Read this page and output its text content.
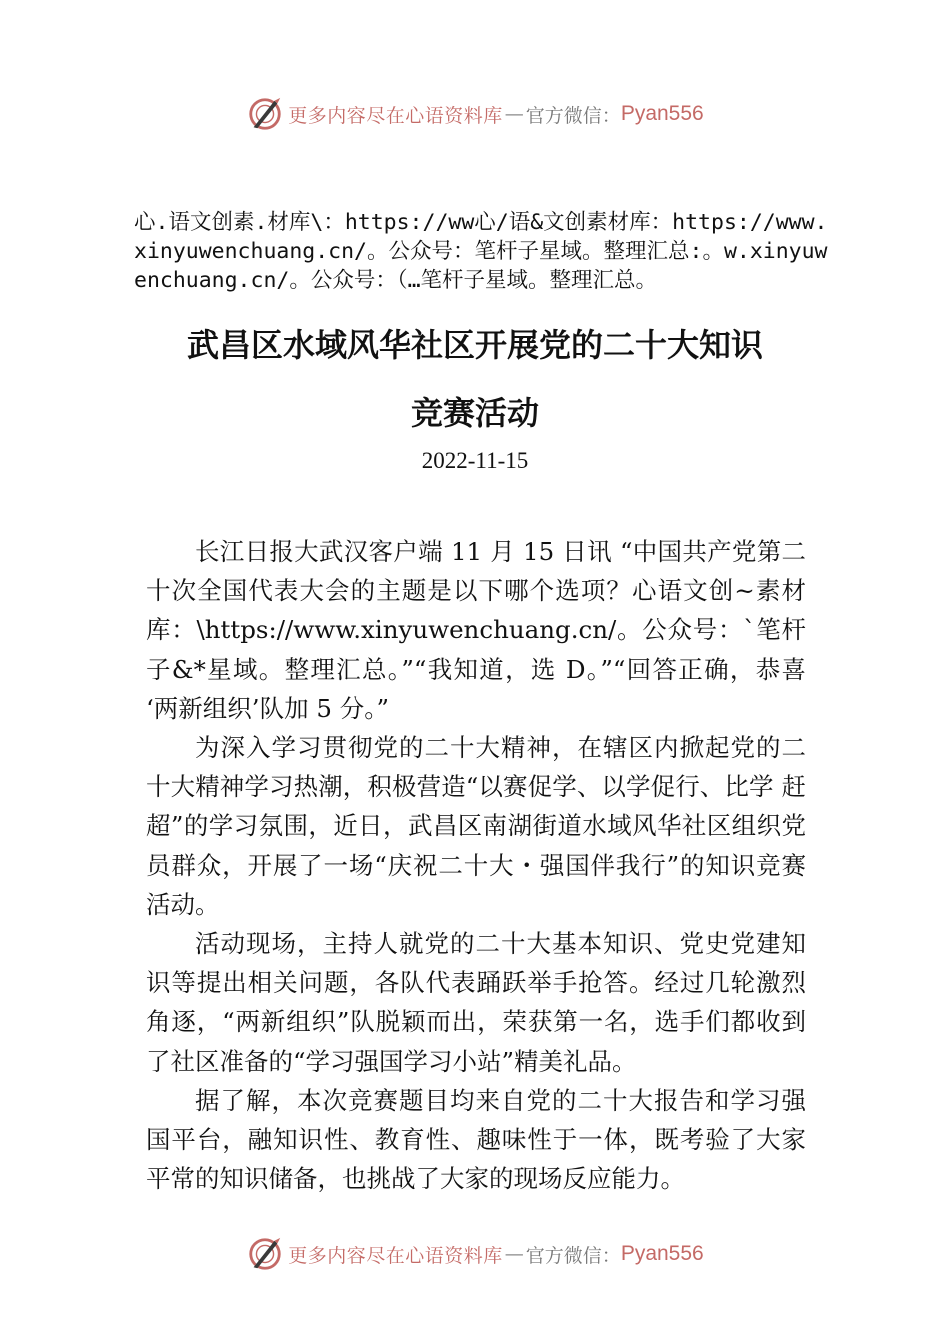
更多内容尽在心语资料库 — 官方微信： Pyan556

心.语文创素.材库\：https://ww心/语&文创素材库：https://www.xinyuwenchuang.cn/。公众号：笔杆子星域。整理汇总:。w.xinyuwenchuang.cn/。公众号：（…笔杆子星域。整理汇总。

武昌区水域风华社区开展党的二十大知识
竞赛活动
2022-11-15

长江日报大武汉客户端 11 月 15 日讯 “中国共产党第二十次全国代表大会的主题是以下哪个选项？心语文创~素材库：\https://www.xinyuwenchuang.cn/。公众号：`笔杆子&*星域。整理汇总。”“我知道，选 D。”“回答正确，恭喜 ‘两新组织’队加 5 分。”

为深入学习贯彻党的二十大精神，在辖区内掀起党的二十大精神学习热潮，积极营造“以赛促学、以学促行、比学 赶超”的学习氛围，近日，武昌区南湖街道水域风华社区组织党员群众，开展了一场“庆祝二十大・强国伴我行”的知识竞赛活动。

活动现场，主持人就党的二十大基本知识、党史党建知识等提出相关问题，各队代表踊跃举手抢答。经过几轮激烈角逐，“两新组织”队脱颖而出，荣获第一名，选手们都收到了社区准备的“学习强国学习小站”精美礼品。

据了解，本次竞赛题目均来自党的二十大报告和学习强国平台，融知识性、教育性、趣味性于一体，既考验了大家平常的知识储备，也挑战了大家的现场反应能力。

更多内容尽在心语资料库 — 官方微信： Pyan556
